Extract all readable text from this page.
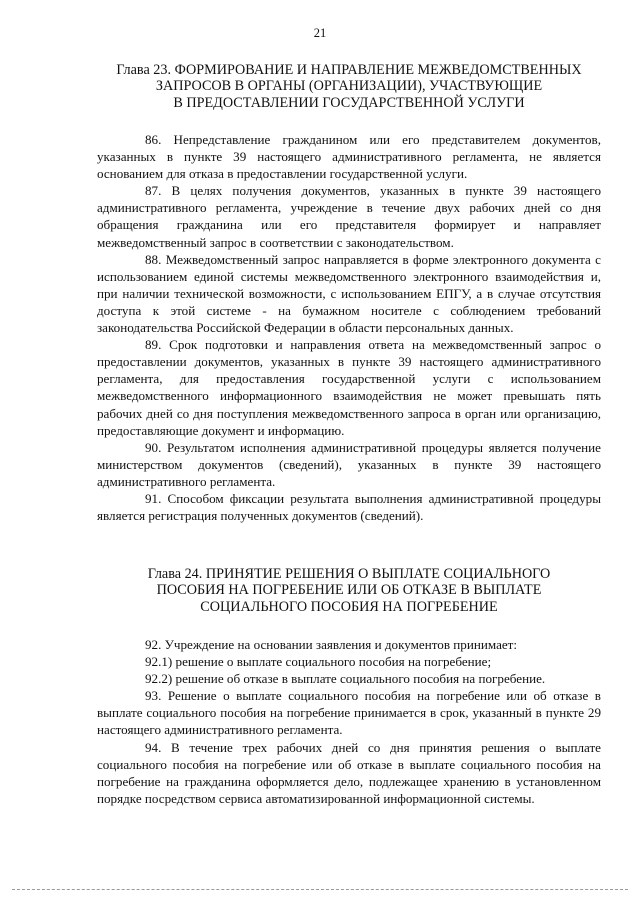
21

Глава 23. ФОРМИРОВАНИЕ И НАПРАВЛЕНИЕ МЕЖВЕДОМСТВЕННЫХ

ЗАПРОСОВ В ОРГАНЫ (ОРГАНИЗАЦИИ), УЧАСТВУЮЩИЕ

В ПРЕДОСТАВЛЕНИИ ГОСУДАРСТВЕННОЙ УСЛУГИ

86. Непредставление гражданином или его представителем документов, указанных в пункте 39 настоящего административного регламента, не является основанием для отказа в предоставлении государственной услуги.

87. В целях получения документов, указанных в пункте 39 настоящего административного регламента, учреждение в течение двух рабочих дней со дня обращения гражданина или его представителя формирует и направляет межведомственный запрос в соответствии с законодательством.

88. Межведомственный запрос направляется в форме электронного документа с использованием единой системы межведомственного электронного взаимодействия и, при наличии технической возможности, с использованием ЕПГУ, а в случае отсутствия доступа к этой системе - на бумажном носителе с соблюдением требований законодательства Российской Федерации в области персональных данных.

89. Срок подготовки и направления ответа на межведомственный запрос о предоставлении документов, указанных в пункте 39 настоящего административного регламента, для предоставления государственной услуги с использованием межведомственного информационного взаимодействия не может превышать пять рабочих дней со дня поступления межведомственного запроса в орган или организацию, предоставляющие документ и информацию.

90. Результатом исполнения административной процедуры является получение министерством документов (сведений), указанных в пункте 39 настоящего административного регламента.

91. Способом фиксации результата выполнения административной процедуры является регистрация полученных документов (сведений).

Глава 24. ПРИНЯТИЕ РЕШЕНИЯ О ВЫПЛАТЕ СОЦИАЛЬНОГО

ПОСОБИЯ НА ПОГРЕБЕНИЕ ИЛИ ОБ ОТКАЗЕ В ВЫПЛАТЕ

СОЦИАЛЬНОГО ПОСОБИЯ НА ПОГРЕБЕНИЕ

92. Учреждение на основании заявления и документов принимает:

92.1) решение о выплате социального пособия на погребение;

92.2) решение об отказе в выплате социального пособия на погребение.

93. Решение о выплате социального пособия на погребение или об отказе в выплате социального пособия на погребение принимается в срок, указанный в пункте 29 настоящего административного регламента.

94. В течение трех рабочих дней со дня принятия решения о выплате социального пособия на погребение или об отказе в выплате социального пособия на погребение на гражданина оформляется дело, подлежащее хранению в установленном порядке посредством сервиса автоматизированной информационной системы.
